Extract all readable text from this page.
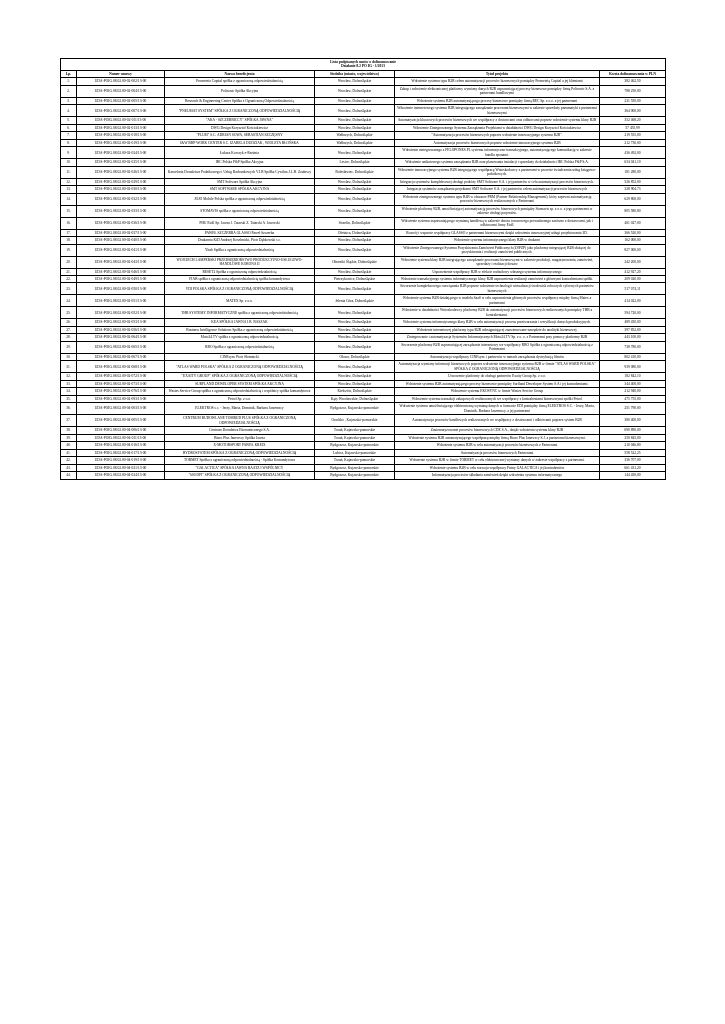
Lista podpisanych umów o dofinansowanie
Działanie 8.2 PO IG - 1/2013					

Lp.	Numer umowy	Nazwa beneficjenta	Siedziba (miasto, województwo)	Tytuł projektu	Kwota dofinansowania w PLN
1.	UDA-POIG.08.02.00-02-002/13-00	Prometeia Capital spółka z ograniczoną odpowiedzialnością	Wrocław, Dolnośląskie	Wdrożenie systemu typu B2B celem automatyzacji procesów biznesowych pomiędzy Prometeią Capital a jej klientami	382 462,50
2.	UDA-POIG.08.02.00-02-004/13-00	Poltronic Spółka Akcyjna	Wrocław, Dolnośląskie	Zakup i wdrożenie elektronicznej platformy wymiany danych B2B usprawniającej procesy biznesowe pomiędzy firmą Poltronic S.A. a partnerami handlowymi	788 250,00
3.	UDA-POIG.08.02.00-02-005/13-00	Research & Engineering Center Spółka z Ograniczoną Odpowiedzialnością	Wrocław, Dolnośląskie	Wdrożenie systemu B2B automatyzującego procesy biznesowe pomiędzy firmą REC Sp. z o.o. a jej partnerami	231 550,00
4.	UDA-POIG.08.02.00-02-007/13-00	"PNEUMAT SYSTEM" SPÓŁKA Z OGRANICZONĄ ODPOWIEDZIALNOŚCIĄ	Wrocław, Dolnośląskie	Wdrożenie internetowego systemu B2B integrującego zarządzanie procesami biznesowymi w zakresie sprzedaży pneumatyki z partnerami biznesowymi	364 000,00
5.	UDA-POIG.08.02.00-02-011/13-00	"AKA - SZCZERBICCY" SPÓŁKA JAWNA"	Wrocław, Dolnośląskie	Automatyzacja kluczowych procesów biznesowych we współpracy z dostawcami oraz odbiorcami poprzez wdrożenie systemu klasy B2B	352 468,20
6.	UDA-POIG.08.02.00-02-013/13-00	DWG Design Krzysztof Kościukiewicz	Wrocław, Dolnośląskie	Wdrożenie Zintegrowanego Systemu Zarządzania Projektami w działalności DWG Design Krzysztof Kościukiewicz	57 455,99
7.	UDA-POIG.08.02.00-02-018/13-00	"PLUM" S.C. ADRIAN SOWA, SEBASTIAN SZCZĘSNY	Wałbrzych, Dolnośląskie	"Automatyzacja procesów biznesowych poprzez wdrożenie innowacyjnego systemu B2B".	219 555,00
8.	UDA-POIG.08.02.00-02-019/13-00	I&W BHP WORK CENTER S.C. IZABELA DUDZIAK , WIOLETA BŁOŃSKA	Wałbrzych, Dolnośląskie	Automatyzacja procesów biznesowych poprzez wdrożenie innowacyjnego systemu B2B	212 730,00
9.	UDA-POIG.08.02.00-02-024/13-00	Łukasz Korczyk e-Rzeźnia	Wrocław, Dolnośląskie	Wdrożenie zintegrowanego z FELOPONES.PL systemu informatyczno-transakcyjnego, automatyzującego komunikację w zakresie handlu eponami.	436 492,00
10.	UDA-POIG.08.02.00-02-025/13-00	IBC Polska F&P Spółka Akcyjna	Lesice, Dolnośląskie	Wdrożenie unikatowego systemu zarządzania B2B oraz planowania instalacji i sprzedaży do działalności IBC Polska F&P S.A.	634 041,10
11.	UDA-POIG.08.02.00-02-026/13-00	Kancelaria Doradztwa Podatkowego i Usług Rachunkowych V.I.B Spółka Cywilna J.L.B. Zaulnscy	Bolesławiec, Dolnośląskie	Wdrożenie innowacyjnego systemu B2B integrującego współpracę Wnioskodawcy z partnerami w procesie świadczenia usług księgowo-podatkowych.	181 280,00
12.	UDA-POIG.08.02.00-02-029/13-00	SMT Software Spółka Akcyjna	Wrocław, Dolnośląskie	Integracja systemów kompleksowej obsługi podróży SMT Software S.A. i jej partnerów w celu automatyzacji procesów biznesowych.	526 852,00
13.	UDA-POIG.08.02.00-02-030/13-00	SMT SOFTWARE SPÓŁKA AKCYJNA	Wrocław, Dolnośląskie	Integracja systemów zarządzania projektami SMT Software S.A. i jej partnerów celem automatyzacji procesów biznesowych	328 904,73
14.	UDA-POIG.08.02.00-02-032/13-00	JOJO Mobile Polska spółka z ograniczoną odpowiedzialnością	Wrocław, Dolnośląskie	Wdrożenie zintegrowanego systemu typu B2B w obszarze PRM (Partner Relationship Management), który zapewni automatyzację procesów biznesowych realizowanych z Partnerami	629 800,00
15.	UDA-POIG.08.02.00-02-033/13-00	STOMAVIS spółka z ograniczoną odpowiedzialnością	Wrocław, Dolnośląskie	Wdrożenie platformy B2B, umożliwiającej automatyzację procesów biznesowych pomiędzy Stomavis sp. z o.o. a jego partnerami w zakresie obsługi pacjentów.	805 580,80
16.	UDA-POIG.08.02.00-02-036/13-00	PHU Etoll Sp. Jawna J. Tatarski Z. Tatarski A. Jaworski	Strzelin, Dolnośląskie	Wdrożenie systemu usprawniającego wymianę handlową w zakresie obrotu towarowego prowadzonego zarówno z dostawcami, jak i odbiorcami firmy Etoll	461 027,00
17.	UDA-POIG.08.02.00-02-037/13-00	PAWEŁ SZCZERBA GLASSO Paweł Szczerba	Oleśnica, Dolnośląskie	Rozwój i wsparcie współpracy GLASSO z partnerami biznesowymi dzięki wdrożeniu innowacyjnej usługi projektowania 3D.	366 520,00
18.	UDA-POIG.08.02.00-02-040/13-00	Drukarnia KiD Andrzej Kosehnicki, Piotr Dąbkowski s.c.	Wrocław, Dolnośląskie	Wdrożenie systemu informatycznego klasy B2B w drukarni	162 000,00
19.	UDA-POIG.08.02.00-02-041/13-00	Yhub Spółka z ograniczoną odpowiedzialnością	Wrocław, Dolnośląskie	Wdrożenie Zintegrowanego Systemu Pozyskiwania Zamówień Publicznych (ZSPZP) jako platformy integrującej B2B służącej do pozyskiwania i realizacji zamówień publicznych.	827 000,00
20.	UDA-POIG.08.02.00-02-043/13-00	WOJCIECH LAMPERSKI PRZEDSIĘBIORSTWO PRODUKCYJNO-USŁUGOWO-HANDLOWE KORONA II	Oborniki Śląskie, Dolnośląskie	Wdrożenie systemu klasy B2B integrującego zarządzanie procesami biznesowymi w zakresie produkcji, magazynowania, zamówień, sprzedaży i realizacji dostaw	242 200,00
21.	UDA-POIG.08.02.00-02-046/13-00	RESET2 Spółka z ograniczoną odpowiedzialnością	Wrocław, Dolnośląskie	Usprawnienie współpracy B2B w efekcie rozbudowy własnego systemu informatycznego	412 927,20
22.	UDA-POIG.08.02.00-02-049/13-00	FIAB spółka z ograniczoną odpowiedzialnością spółka komandytowa	Pietrzykowice, Dolnośląskie	Wdrożenie transakcyjnego systemu informatycznego klasy B2B usprawnienia realizacji zamówień z głównymi kontrahentami spółki.	209 020,00
23.	UDA-POIG.08.02.00-02-050/13-00	VDI POLSKA SPÓŁKA Z OGRANICZONĄ ODPOWIEDZIALNOŚCIĄ	Wrocław, Dolnośląskie	Stworzenie kompleksowego rozwiązania B2B poprzez wdrożenie technologii wirtualizacji środowisk roboczych cyfrowych partnerów biznesowych	517 074,11
24.	UDA-POIG.08.02.00-02-051/13-00	MATEX Sp. z o.o.	Jelenia Góra, Dolnośląskie	Wdrożenie systemu B2B działającego w modelu SaaS w celu usprawnienia głównych procesów współpracy między firmą Matex a partnerami	414 022,00
25.	UDA-POIG.08.02.00-02-052/13-00	THB SYSTEMY INFORMATYCZNE spółka z ograniczoną odpowiedzialnością	Wrocław, Dolnośląskie	Wdrożenie w działalności Wnioskodawcy platformy B2B do automatyzacji procesów biznesowych realizowanych pomiędzy THB a kontrahentami.	594 720,00
26.	UDA-POIG.08.02.00-02-053/13-00	KEA SPÓŁKA JAWNA I.B. BASZAK	Wrocław, Dolnośląskie	Wdrożenie systemu informatycznego klasy B2B w celu automatyzacji procesu przetwarzania i weryfikacji danych produkcyjnych.	489 450,00
27.	UDA-POIG.08.02.00-02-056/13-00	Business Intelligence Solutions Spółka z ograniczoną odpowiedzialnością	Wrocław, Dolnośląskie	Wdrożenie internetowej platformy typu B2B udostępniającej zaawansowane narzędzie do analityki biznesowej.	397 852,00
28.	UDA-POIG.08.02.00-02-064/13-00	Moto24.TV spółka z ograniczoną odpowiedzialnością	Wrocław, Dolnośląskie	Zintegrowanie i automatyzacja Systemów Informatycznych Moto24.TV Sp. z o. o. z Partnerami przy pomocy platformy B2B	443 100,00
29.	UDA-POIG.08.02.00-02-065/13-00	RBO Spółka z ograniczoną odpowiedzialnością	Wrocław, Dolnośląskie	Stworzenie platformy B2B usprawniającej zarządzanie internetowy we współpracy RBO Spółka z ograniczoną odpowiedzialnością z Partnerami	738 780,00
30.	UDA-POIG.08.02.00-02-067/13-00	CINEsync Piotr Słomnicki	Oława, Dolnośląskie	Automatyzacja współpracy CINEsync i partnerów w ramach zarządzania dystrybucją filmów	802 410,00
31.	UDA-POIG.08.02.00-02-068/13-00	"ATLAS WARD POLSKA" SPÓŁKA Z OGRANICZONĄ ODPOWIEDZIALNOŚCIĄ	Wrocław, Dolnośląskie	Automatyzacja wymiany informacji biznesowych poprzez wdrożenie innowacyjnego systemu B2B w firmie "ATLAS WARD POLSKA" SPÓŁKA Z OGRANICZONĄ ODPOWIEDZIALNOŚCIĄ	939 080,00
32.	UDA-POIG.08.02.00-02-072/13-00	"EXAITY GROUP" SPÓŁKA Z OGRANICZONĄ ODPOWIEDZIALNOŚCIĄ	Wrocław, Dolnośląskie	Utworzenie platformy do obsługi partnerów Exaity Group Sp. z o.o.	182 842,10
33.	UDA-POIG.08.02.00-02-073/13-00	SURFLAND DEWELOPER SYSTEM SPÓŁKA AKCYJNA	Wrocław, Dolnośląskie	Wdrożenie systemu B2B automatyzującego procesy biznesowe pomiędzy Surfland Deweloper System S.A i jej kontrahentami.	344 400,00
34.	UDA-POIG.08.02.00-02-076/13-00	Wastes Service Group spółka z ograniczoną odpowiedzialnością i wspólnicy spółka komandytowa	Kiełczów, Dolnośląskie	Wdrożenie systemu EKOSYNC w firmie Wastes Service Group	212 940,00
35.	UDA-POIG.08.02.00-02-093/13-00	Petrol Sp. z o.o.	Kąty Wrocławskie, Dolnośląskie	Wdrożenie systemu transakcji zakupowych realizowanych we współpracy z kontrahentami biznesowymi spółki Petrol	475 755,00
36.	UDA-POIG.08.02.00-04-003/13-00	ELEKTROS s.c. - Jerzy, Maria, Dominik, Barbara Jarzemscy	Bydgoszcz, Kujawsko-pomorskie	Wdrożenie systemu umożliwiającego elektroniczną wymianę danych w formacie EDI pomiędzy firmą ELEKTROS S.C. - Jerzy, Maria, Dominik, Barbara Jarzemscy, a jej partnerami	251 790,00
37.	UDA-POIG.08.02.00-04-005/13-00	CENTRUM BUDOWLANE TOMBUD PLUS SPÓŁKA Z OGRANICZONĄ ODPOWIEDZIALNOŚCIĄ	Orachko , Kujawsko-pomorskie	Automatyzacja procesów handlowych realizowanych we współpracy z dostawcami i odbiorcami poprzez system B2B	380 400,00
38.	UDA-POIG.08.02.00-04-006/13-00	Centrum Doradztwa Ekonomicznego S.A.	Toruń, Kujawsko-pomorskie	Zautomatyzowanie procesów biznesowych CDE S.A., dzięki wdrożeniu systemu klasy B2B	690 890,00
39.	UDA-POIG.08.02.00-04-011/13-00	Biuro Plus Janewscy Spółka Jawna	Toruń, Kujawsko-pomorskie	Wdrożenie systemu B2B automatyzującego współpracę między firmą Biuro Plus Janewscy S.J. a partnerami biznesowymi.	250 845,00
40.	UDA-POIG.08.02.00-04-016/13-00	X-MOTORSPORT PAWEŁ KREIX	Bydgoszcz, Kujawsko-pomorskie	Wdrożenie systemu B2B w celu automatyzacji procesów biznesowych z Partnerami	210 046,80
41.	UDA-POIG.08.02.00-04-017/13-00	HYDROSYSTEM SPÓŁKA Z OGRANICZONĄ ODPOWIEDZIALNOŚCIĄ	Lubicz, Kujawsko-pomorskie	Automatyzacja procesów biznesowych Partnerami	558 522,25
42.	UDA-POIG.08.02.00-04-019/13-00	TORMET Spółka z ograniczoną odpowiedzialnością - Spółka Komandytowa	Toruń, Kujawsko-pomorskie	Wdrożenie systemu B2B w firmie TORMET w celu elektronicznej wymiany danych w zakresie współpracy z partnerami.	336 707,00
43.	UDA-POIG.08.02.00-04-021/13-00	"GALACTICA" SPÓŁKA JAWNA RAATZ I WSPÓLNICY	Bydgoszcz, Kujawsko-pomorskie	Wdrożenie systemu B2B w celu rozwoju współpracy Firmy GALACTICA i jej kontrahentów	661 431,20
44.	UDA-POIG.08.02.00-04-024/13-00	"600 DPI" SPÓŁKA Z OGRANICZONĄ ODPOWIEDZIALNOŚCIĄ	Bydgoszcz, Kujawsko-pomorskie	Informatyzacja procesów składania zamówień dzięki wdrożeniu systemu informatycznego	144 450,00
